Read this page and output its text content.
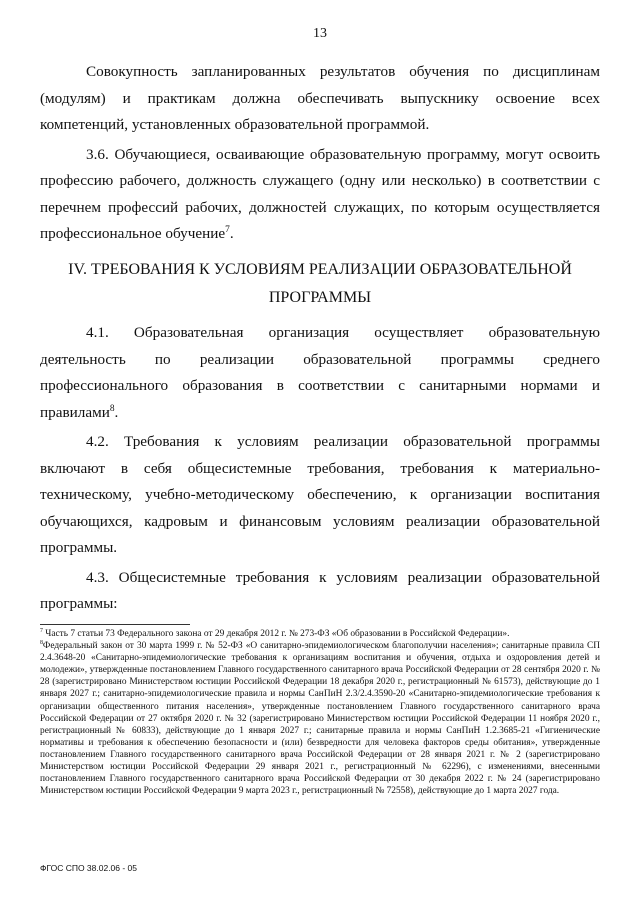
13

Совокупность запланированных результатов обучения по дисциплинам (модулям) и практикам должна обеспечивать выпускнику освоение всех компетенций, установленных образовательной программой.

3.6. Обучающиеся, осваивающие образовательную программу, могут освоить профессию рабочего, должность служащего (одну или несколько) в соответствии с перечнем профессий рабочих, должностей служащих, по которым осуществляется профессиональное обучение$^7$.

IV. ТРЕБОВАНИЯ К УСЛОВИЯМ РЕАЛИЗАЦИИ ОБРАЗОВАТЕЛЬНОЙ
ПРОГРАММЫ

4.1. Образовательная организация осуществляет образовательную деятельность по реализации образовательной программы среднего профессионального образования в соответствии с санитарными нормами и правилами$^8$.

4.2. Требования к условиям реализации образовательной программы включают в себя общесистемные требования, требования к материально-техническому, учебно-методическому обеспечению, к организации воспитания обучающихся, кадровым и финансовым условиям реализации образовательной программы.

4.3. Общесистемные требования к условиям реализации образовательной программы:

$^7$ Часть 7 статьи 73 Федерального закона от 29 декабря 2012 г. № 273-ФЗ «Об образовании в Российской Федерации».

$^8$Федеральный закон от 30 марта 1999 г. № 52-ФЗ «О санитарно-эпидемиологическом благополучии населения»; санитарные правила СП 2.4.3648-20 «Санитарно-эпидемиологические требования к организациям воспитания и обучения, отдыха и оздоровления детей и молодежи», утвержденные постановлением Главного государственного санитарного врача Российской Федерации от 28 сентября 2020 г. № 28 (зарегистрировано Министерством юстиции Российской Федерации 18 декабря 2020 г., регистрационный № 61573), действующие до 1 января 2027 г.; санитарно-эпидемиологические правила и нормы СанПиН 2.3/2.4.3590-20 «Санитарно-эпидемиологические требования к организации общественного питания населения», утвержденные постановлением Главного государственного санитарного врача Российской Федерации от 27 октября 2020 г. № 32 (зарегистрировано Министерством юстиции Российской Федерации 11 ноября 2020 г., регистрационный № 60833), действующие до 1 января 2027 г.; санитарные правила и нормы СанПиН 1.2.3685-21 «Гигиенические нормативы и требования к обеспечению безопасности и (или) безвредности для человека факторов среды обитания», утвержденные постановлением Главного государственного санитарного врача Российской Федерации от 28 января 2021 г. № 2 (зарегистрировано Министерством юстиции Российской Федерации 29 января 2021 г., регистрационный № 62296), с изменениями, внесенными постановлением Главного государственного санитарного врача Российской Федерации от 30 декабря 2022 г. № 24 (зарегистрировано Министерством юстиции Российской Федерации 9 марта 2023 г., регистрационный № 72558), действующие до 1 марта 2027 года.

ФГОС СПО 38.02.06 - 05
